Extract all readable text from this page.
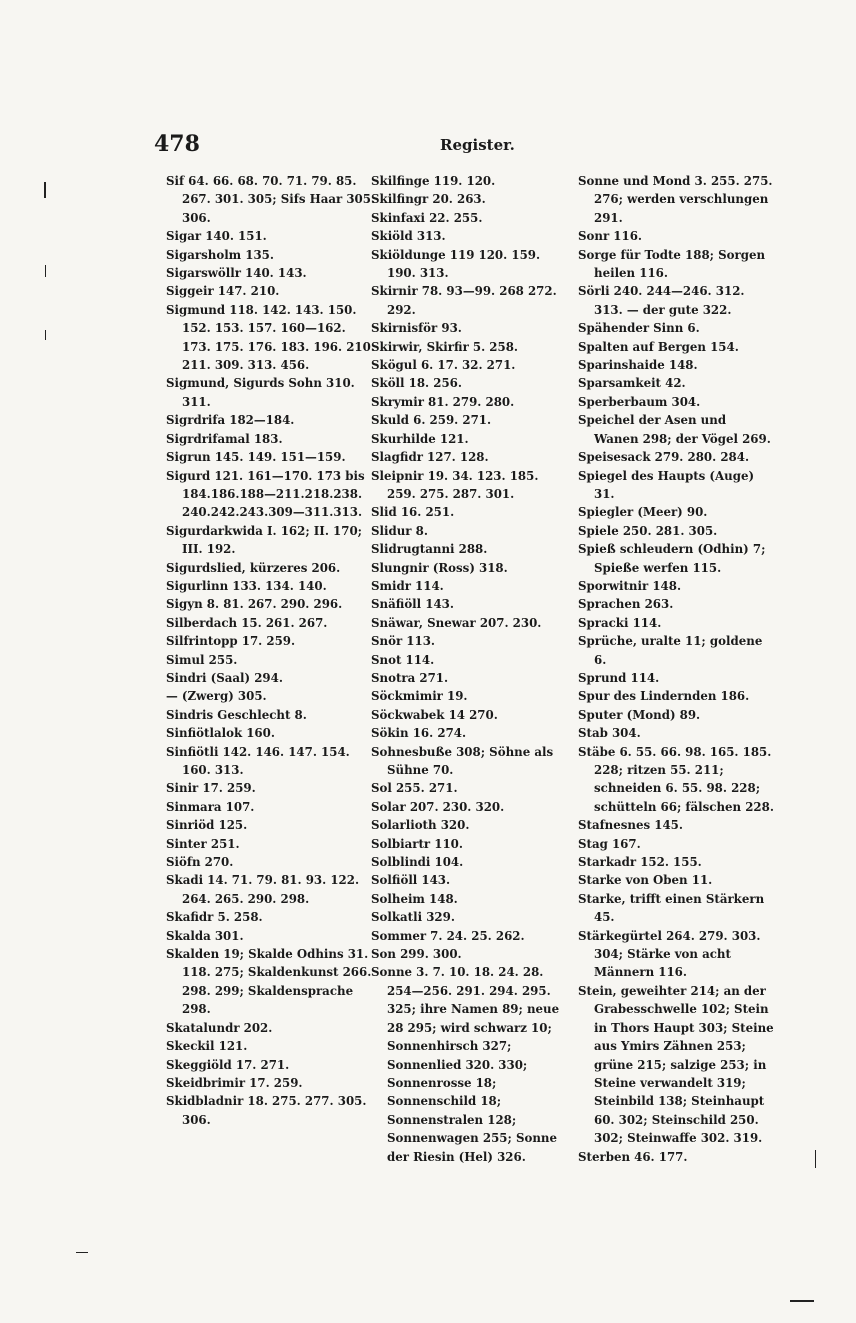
478	Register.
Sif 64. 66. 68. 70. 71. 79. 85. 267. 301. 305; Sifs Haar 305. 306.
Sigar 140. 151.
Sigarsholm 135.
Sigarswöllr 140. 143.
Siggeir 147. 210.
Sigmund 118. 142. 143. 150. 152. 153. 157. 160—162. 173. 175. 176. 183. 196. 210. 211. 309. 313. 456.
Sigmund, Sigurds Sohn 310. 311.
Sigrdrifa 182—184.
Sigrdrifamal 183.
Sigrun 145. 149. 151—159.
Sigurd 121. 161—170. 173 bis 184.186.188—211.218.238. 240.242.243.309—311.313.
Sigurdarkwida I. 162; II. 170; III. 192.
Sigurdslied, kürzeres 206.
Sigurlinn 133. 134. 140.
Sigyn 8. 81. 267. 290. 296.
Silberdach 15. 261. 267.
Silfrintopp 17. 259.
Simul 255.
Sindri (Saal) 294.
— (Zwerg) 305.
Sindris Geschlecht 8.
Sinfiötlalok 160.
Sinfiötli 142. 146. 147. 154. 160. 313.
Sinir 17. 259.
Sinmara 107.
Sinriöd 125.
Sinter 251.
Siöfn 270.
Skadi 14. 71. 79. 81. 93. 122. 264. 265. 290. 298.
Skafidr 5. 258.
Skalda 301.
Skalden 19; Skalde Odhins 31. 118. 275; Skaldenkunst 266. 298. 299; Skaldensprache 298.
Skatalundr 202.
Skeckil 121.
Skeggiöld 17. 271.
Skeidbrimir 17. 259.
Skidbladnir 18. 275. 277. 305. 306.
Skilfinge 119. 120.
Skilfingr 20. 263.
Skinfaxi 22. 255.
Skiöld 313.
Skiöldunge 119 120. 159. 190. 313.
Skirnir 78. 93—99. 268 272. 292.
Skirnisför 93.
Skirwir, Skirfir 5. 258.
Skögul 6. 17. 32. 271.
Sköll 18. 256.
Skrymir 81. 279. 280.
Skuld 6. 259. 271.
Skurhilde 121.
Slagfidr 127. 128.
Sleipnir 19. 34. 123. 185. 259. 275. 287. 301.
Slid 16. 251.
Slidur 8.
Slidrugtanni 288.
Slungnir (Ross) 318.
Smidr 114.
Snäfiöll 143.
Snäwar, Snewar 207. 230.
Snör 113.
Snot 114.
Snotra 271.
Söckmimir 19.
Söckwabek 14 270.
Sökin 16. 274.
Sohnesbuße 308; Söhne als Sühne 70.
Sol 255. 271.
Solar 207. 230. 320.
Solarlioth 320.
Solbiartr 110.
Solblindi 104.
Solfiöll 143.
Solheim 148.
Solkatli 329.
Sommer 7. 24. 25. 262.
Son 299. 300.
Sonne 3. 7. 10. 18. 24. 28. 254—256. 291. 294. 295. 325; ihre Namen 89; neue 28 295; wird schwarz 10; Sonnenhirsch 327; Sonnenlied 320. 330; Sonnenrosse 18; Sonnenschild 18; Sonnenstralen 128; Sonnenwagen 255; Sonne der Riesin (Hel) 326.
Sonne und Mond 3. 255. 275. 276; werden verschlungen 291.
Sonr 116.
Sorge für Todte 188; Sorgen heilen 116.
Sörli 240. 244—246. 312. 313. — der gute 322.
Spähender Sinn 6.
Spalten auf Bergen 154.
Sparinshaide 148.
Sparsamkeit 42.
Sperberbaum 304.
Speichel der Asen und Wanen 298; der Vögel 269.
Speisesack 279. 280. 284.
Spiegel des Haupts (Auge) 31.
Spiegler (Meer) 90.
Spiele 250. 281. 305.
Spieß schleudern (Odhin) 7; Spieße werfen 115.
Sporwitnir 148.
Sprachen 263.
Spracki 114.
Sprüche, uralte 11; goldene 6.
Sprund 114.
Spur des Lindernden 186.
Sputer (Mond) 89.
Stab 304.
Stäbe 6. 55. 66. 98. 165. 185. 228; ritzen 55. 211; schneiden 6. 55. 98. 228; schütteln 66; fälschen 228.
Stafnesnes 145.
Stag 167.
Starkadr 152. 155.
Starke von Oben 11.
Starke, trifft einen Stärkern 45.
Stärkegürtel 264. 279. 303. 304; Stärke von acht Männern 116.
Stein, geweihter 214; an der Grabesschwelle 102; Stein in Thors Haupt 303; Steine aus Ymirs Zähnen 253; grüne 215; salzige 253; in Steine verwandelt 319; Steinbild 138; Steinhaupt 60. 302; Steinschild 250. 302; Steinwaffe 302. 319.
Sterben 46. 177.
